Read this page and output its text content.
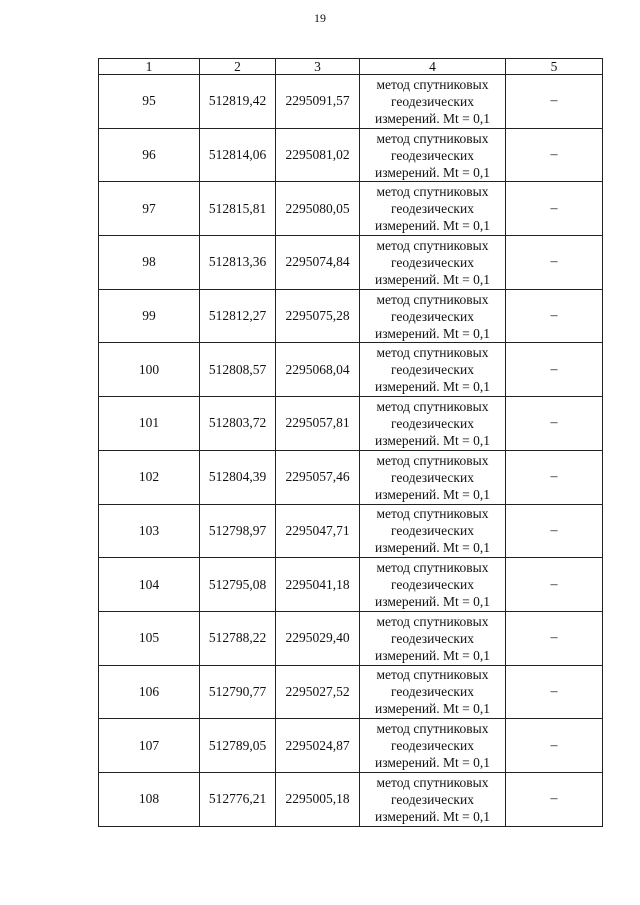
19
1	2	3	4	5
95	512819,42	2295091,57	метод спутниковых
геодезических
измерений. Mt = 0,1	–
96	512814,06	2295081,02	метод спутниковых
геодезических
измерений. Mt = 0,1	–
97	512815,81	2295080,05	метод спутниковых
геодезических
измерений. Mt = 0,1	–
98	512813,36	2295074,84	метод спутниковых
геодезических
измерений. Mt = 0,1	–
99	512812,27	2295075,28	метод спутниковых
геодезических
измерений. Mt = 0,1	–
100	512808,57	2295068,04	метод спутниковых
геодезических
измерений. Mt = 0,1	–
101	512803,72	2295057,81	метод спутниковых
геодезических
измерений. Mt = 0,1	–
102	512804,39	2295057,46	метод спутниковых
геодезических
измерений. Mt = 0,1	–
103	512798,97	2295047,71	метод спутниковых
геодезических
измерений. Mt = 0,1	–
104	512795,08	2295041,18	метод спутниковых
геодезических
измерений. Mt = 0,1	–
105	512788,22	2295029,40	метод спутниковых
геодезических
измерений. Mt = 0,1	–
106	512790,77	2295027,52	метод спутниковых
геодезических
измерений. Mt = 0,1	–
107	512789,05	2295024,87	метод спутниковых
геодезических
измерений. Mt = 0,1	–
108	512776,21	2295005,18	метод спутниковых
геодезических
измерений. Mt = 0,1	–
